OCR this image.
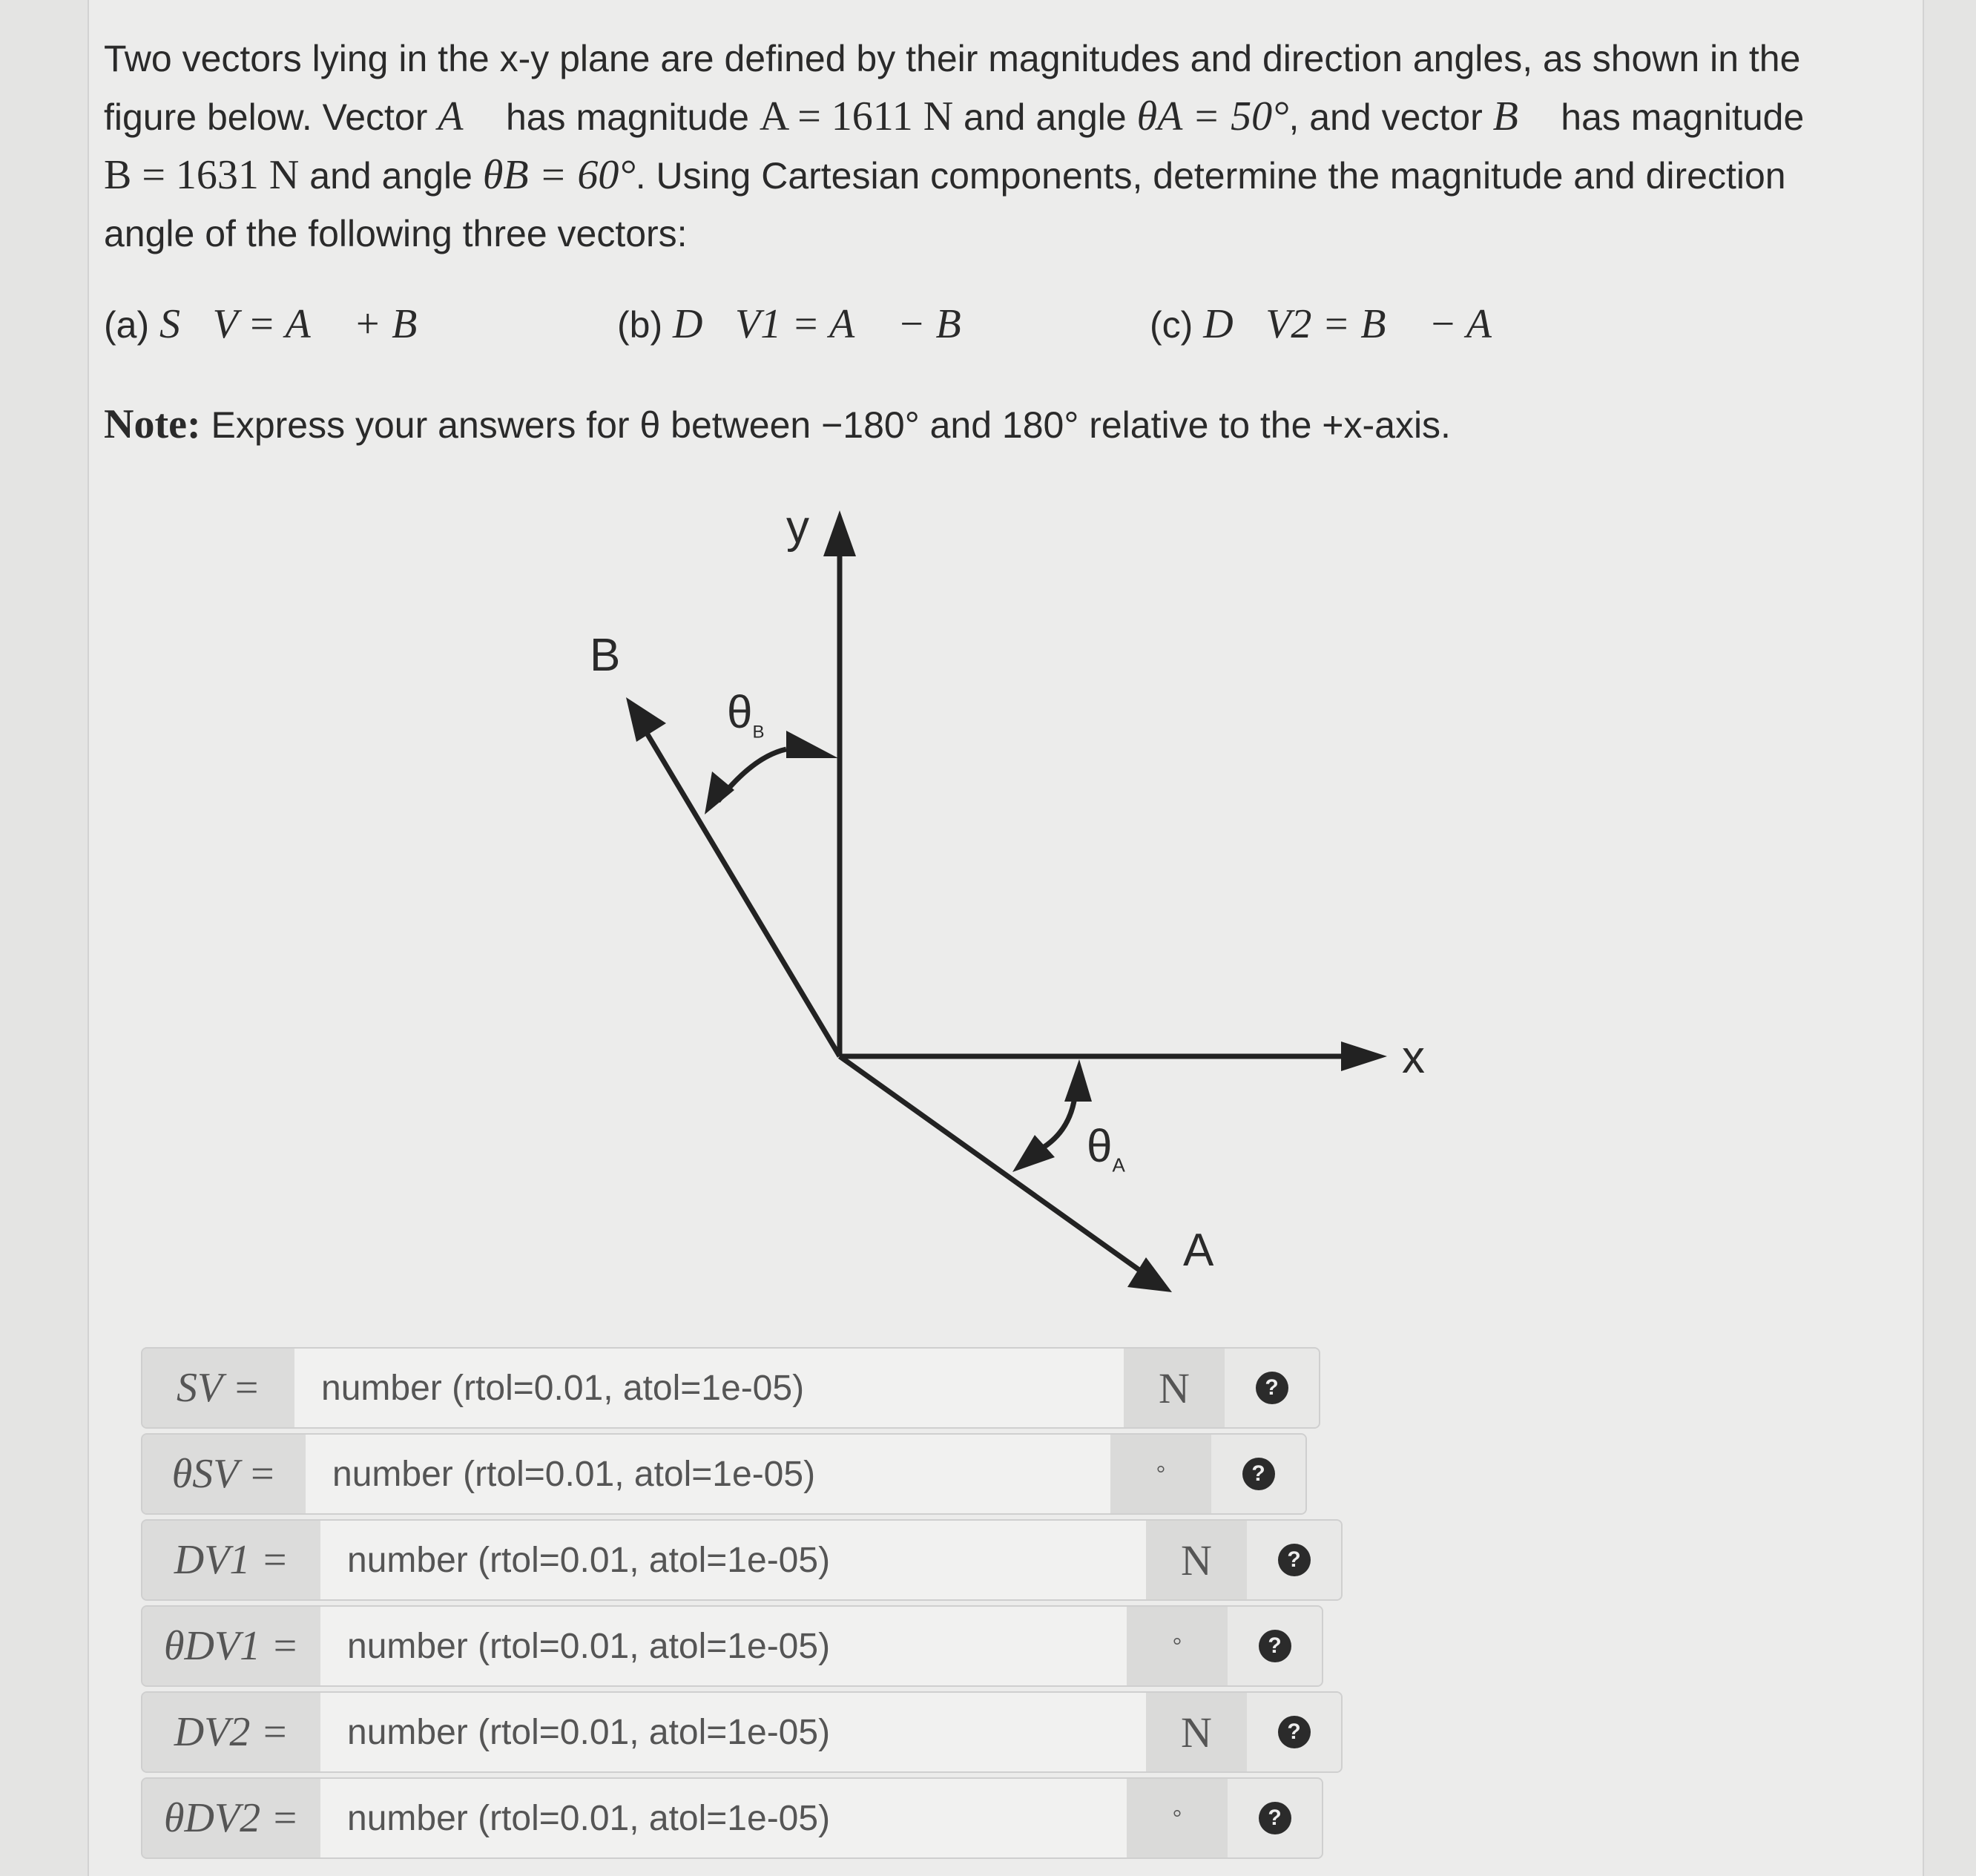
Two vectors lying in the x-y plane are defined by their magnitudes and direction angles, as shown in the
figure below. Vector A⃗ has magnitude A = 1611 N and angle θA = 50°, and vector B⃗ has magnitude
B = 1631 N and angle θB = 60°. Using Cartesian components, determine the magnitude and direction
angle of the following three vectors:
(a) S⃗V = A⃗ + B⃗	(b) D⃗V1 = A⃗ − B⃗	(c) D⃗V2 = B⃗ − A⃗
Note: Express your answers for θ between −180° and 180° relative to the +x-axis.
y
x
B
A
$\theta_B$
$\theta_A$
SV =	number (rtol=0.01, atol=1e-05)	N	?
θSV =	number (rtol=0.01, atol=1e-05)	°	?
DV1 =	number (rtol=0.01, atol=1e-05)	N	?
θDV1 =	number (rtol=0.01, atol=1e-05)	°	?
DV2 =	number (rtol=0.01, atol=1e-05)	N	?
θDV2 =	number (rtol=0.01, atol=1e-05)	°	?
